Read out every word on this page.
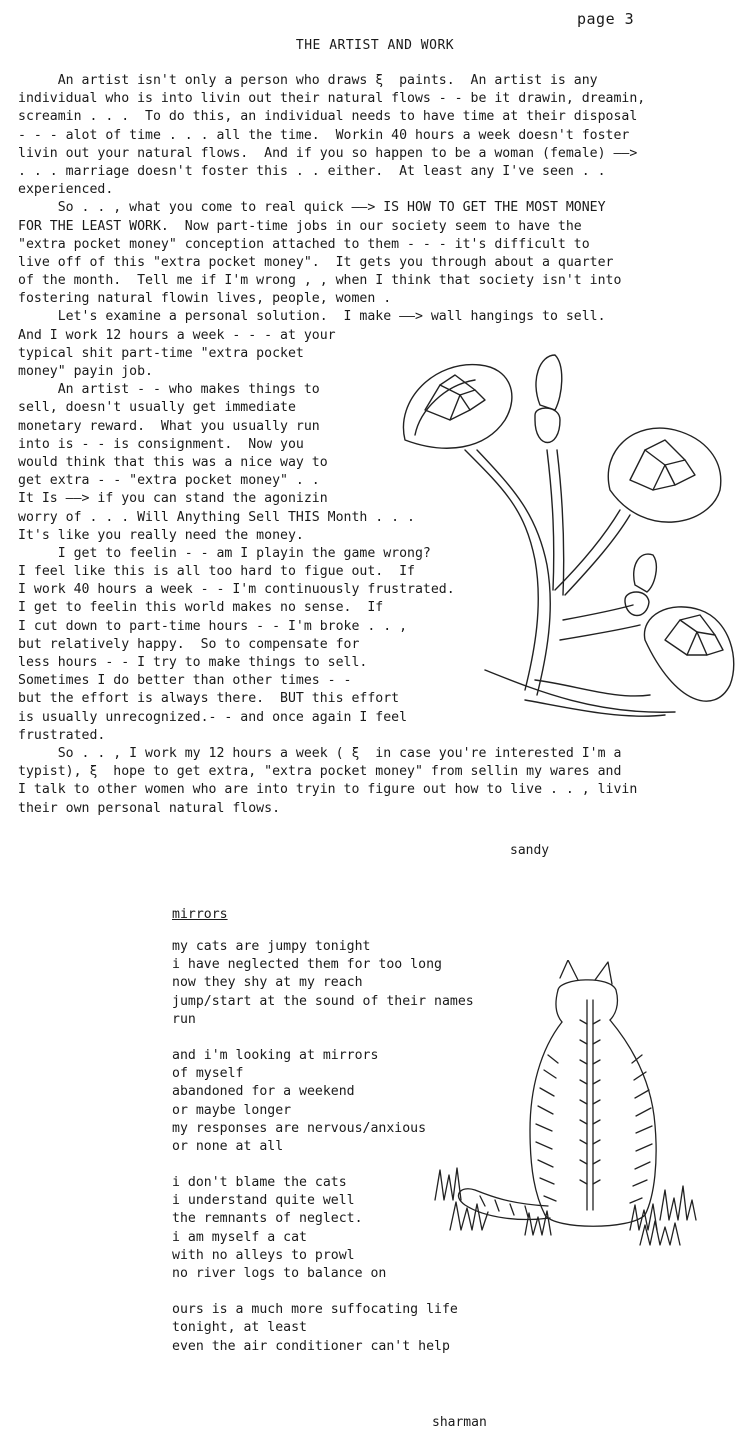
page 3
THE ARTIST AND WORK
An artist isn't only a person who draws ξ  paints.  An artist is any
individual who is into livin out their natural flows - - be it drawin, dreamin,
screamin . . .  To do this, an individual needs to have time at their disposal
- - - alot of time . . . all the time.  Workin 40 hours a week doesn't foster
livin out your natural flows.  And if you so happen to be a woman (female) ——>
. . . marriage doesn't foster this . . either.  At least any I've seen . .
experienced.
So . . , what you come to real quick ——> IS HOW TO GET THE MOST MONEY
FOR THE LEAST WORK.  Now part-time jobs in our society seem to have the
"extra pocket money" conception attached to them - - - it's difficult to
live off of this "extra pocket money".  It gets you through about a quarter
of the month.  Tell me if I'm wrong , , when I think that society isn't into
fostering natural flowin lives, people, women .
Let's examine a personal solution.  I make ——> wall hangings to sell.
And I work 12 hours a week - - - at your
typical shit part-time "extra pocket
money" payin job.
An artist - - who makes things to
sell, doesn't usually get immediate
monetary reward.  What you usually run
into is - - is consignment.  Now you
would think that this was a nice way to
get extra - - "extra pocket money" . .
It Is ——> if you can stand the agonizin
worry of . . . Will Anything Sell THIS Month . . .
It's like you really need the money.
I get to feelin - - am I playin the game wrong?
I feel like this is all too hard to figue out.  If
I work 40 hours a week - - I'm continuously frustrated.
I get to feelin this world makes no sense.  If
I cut down to part-time hours - - I'm broke . . ,
but relatively happy.  So to compensate for
less hours - - I try to make things to sell.
Sometimes I do better than other times - -
but the effort is always there.  BUT this effort
is usually unrecognized.- - and once again I feel
frustrated.
So . . , I work my 12 hours a week ( ξ  in case you're interested I'm a
typist), ξ  hope to get extra, "extra pocket money" from sellin my wares and
I talk to other women who are into tryin to figure out how to live . . , livin
their own personal natural flows.
sandy
mirrors
my cats are jumpy tonight
i have neglected them for too long
now they shy at my reach
jump/start at the sound of their names
run
and i'm looking at mirrors
of myself
abandoned for a weekend
or maybe longer
my responses are nervous/anxious
or none at all
i don't blame the cats
i understand quite well
the remnants of neglect.
i am myself a cat
with no alleys to prowl
no river logs to balance on
ours is a much more suffocating life
tonight, at least
even the air conditioner can't help
sharman
